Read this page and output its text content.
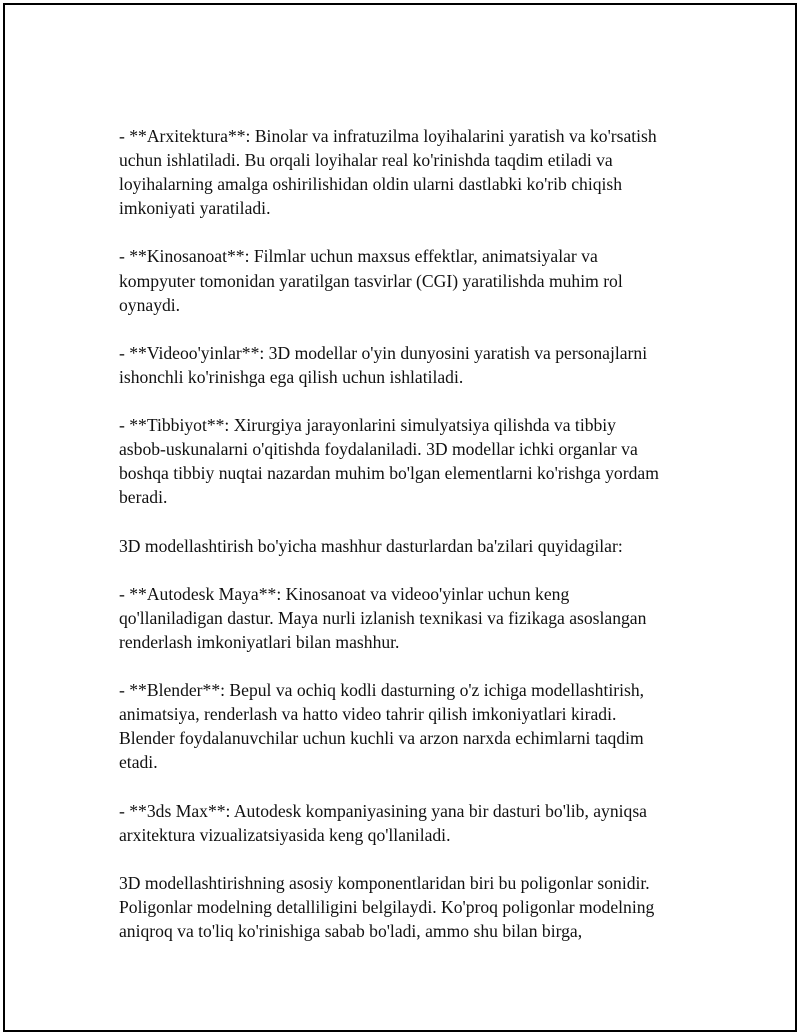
- **Arxitektura**: Binolar va infratuzilma loyihalarini yaratish va ko'rsatish
uchun ishlatiladi. Bu orqali loyihalar real ko'rinishda taqdim etiladi va
loyihalarning amalga oshirilishidan oldin ularni dastlabki ko'rib chiqish
imkoniyati yaratiladi.

- **Kinosanoat**: Filmlar uchun maxsus effektlar, animatsiyalar va
kompyuter tomonidan yaratilgan tasvirlar (CGI) yaratilishda muhim rol
oynaydi.

- **Videoo'yinlar**: 3D modellar o'yin dunyosini yaratish va personajlarni
ishonchli ko'rinishga ega qilish uchun ishlatiladi.

- **Tibbiyot**: Xirurgiya jarayonlarini simulyatsiya qilishda va tibbiy
asbob-uskunalarni o'qitishda foydalaniladi. 3D modellar ichki organlar va
boshqa tibbiy nuqtai nazardan muhim bo'lgan elementlarni ko'rishga yordam
beradi.

3D modellashtirish bo'yicha mashhur dasturlardan ba'zilari quyidagilar:

- **Autodesk Maya**: Kinosanoat va videoo'yinlar uchun keng
qo'llaniladigan dastur. Maya nurli izlanish texnikasi va fizikaga asoslangan
renderlash imkoniyatlari bilan mashhur.

- **Blender**: Bepul va ochiq kodli dasturning o'z ichiga modellashtirish,
animatsiya, renderlash va hatto video tahrir qilish imkoniyatlari kiradi.
Blender foydalanuvchilar uchun kuchli va arzon narxda echimlarni taqdim
etadi.

- **3ds Max**: Autodesk kompaniyasining yana bir dasturi bo'lib, ayniqsa
arxitektura vizualizatsiyasida keng qo'llaniladi.

3D modellashtirishning asosiy komponentlaridan biri bu poligonlar sonidir.
Poligonlar modelning detalliligini belgilaydi. Ko'proq poligonlar modelning
aniqroq va to'liq ko'rinishiga sabab bo'ladi, ammo shu bilan birga,
